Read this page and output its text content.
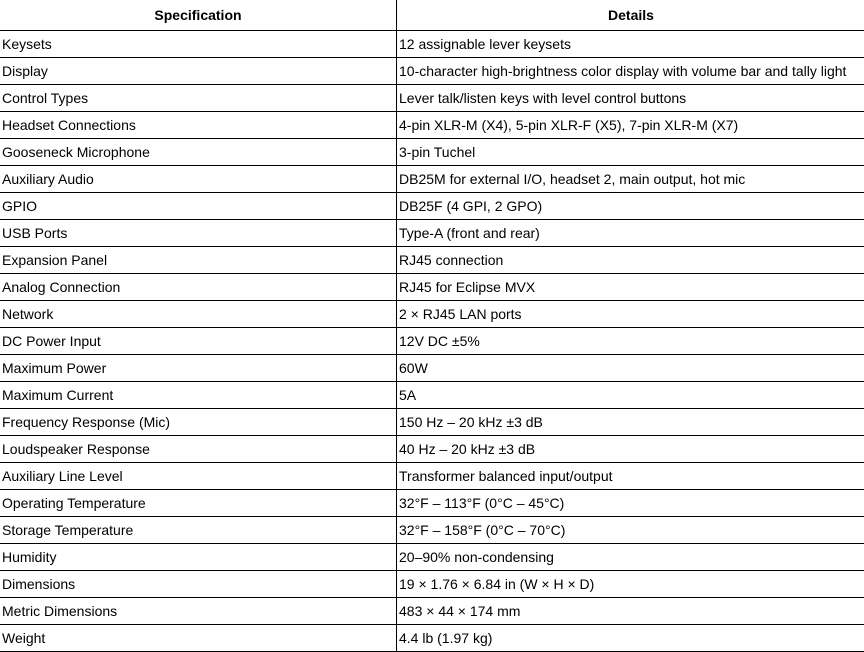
Specification	Details
Keysets	12 assignable lever keysets
Display	10-character high-brightness color display with volume bar and tally light
Control Types	Lever talk/listen keys with level control buttons
Headset Connections	4-pin XLR-M (X4), 5-pin XLR-F (X5), 7-pin XLR-M (X7)
Gooseneck Microphone	3-pin Tuchel
Auxiliary Audio	DB25M for external I/O, headset 2, main output, hot mic
GPIO	DB25F (4 GPI, 2 GPO)
USB Ports	Type-A (front and rear)
Expansion Panel	RJ45 connection
Analog Connection	RJ45 for Eclipse MVX
Network	2 × RJ45 LAN ports
DC Power Input	12V DC ±5%
Maximum Power	60W
Maximum Current	5A
Frequency Response (Mic)	150 Hz – 20 kHz ±3 dB
Loudspeaker Response	40 Hz – 20 kHz ±3 dB
Auxiliary Line Level	Transformer balanced input/output
Operating Temperature	32°F – 113°F (0°C – 45°C)
Storage Temperature	32°F – 158°F (0°C – 70°C)
Humidity	20–90% non-condensing
Dimensions	19 × 1.76 × 6.84 in (W × H × D)
Metric Dimensions	483 × 44 × 174 mm
Weight	4.4 lb (1.97 kg)
